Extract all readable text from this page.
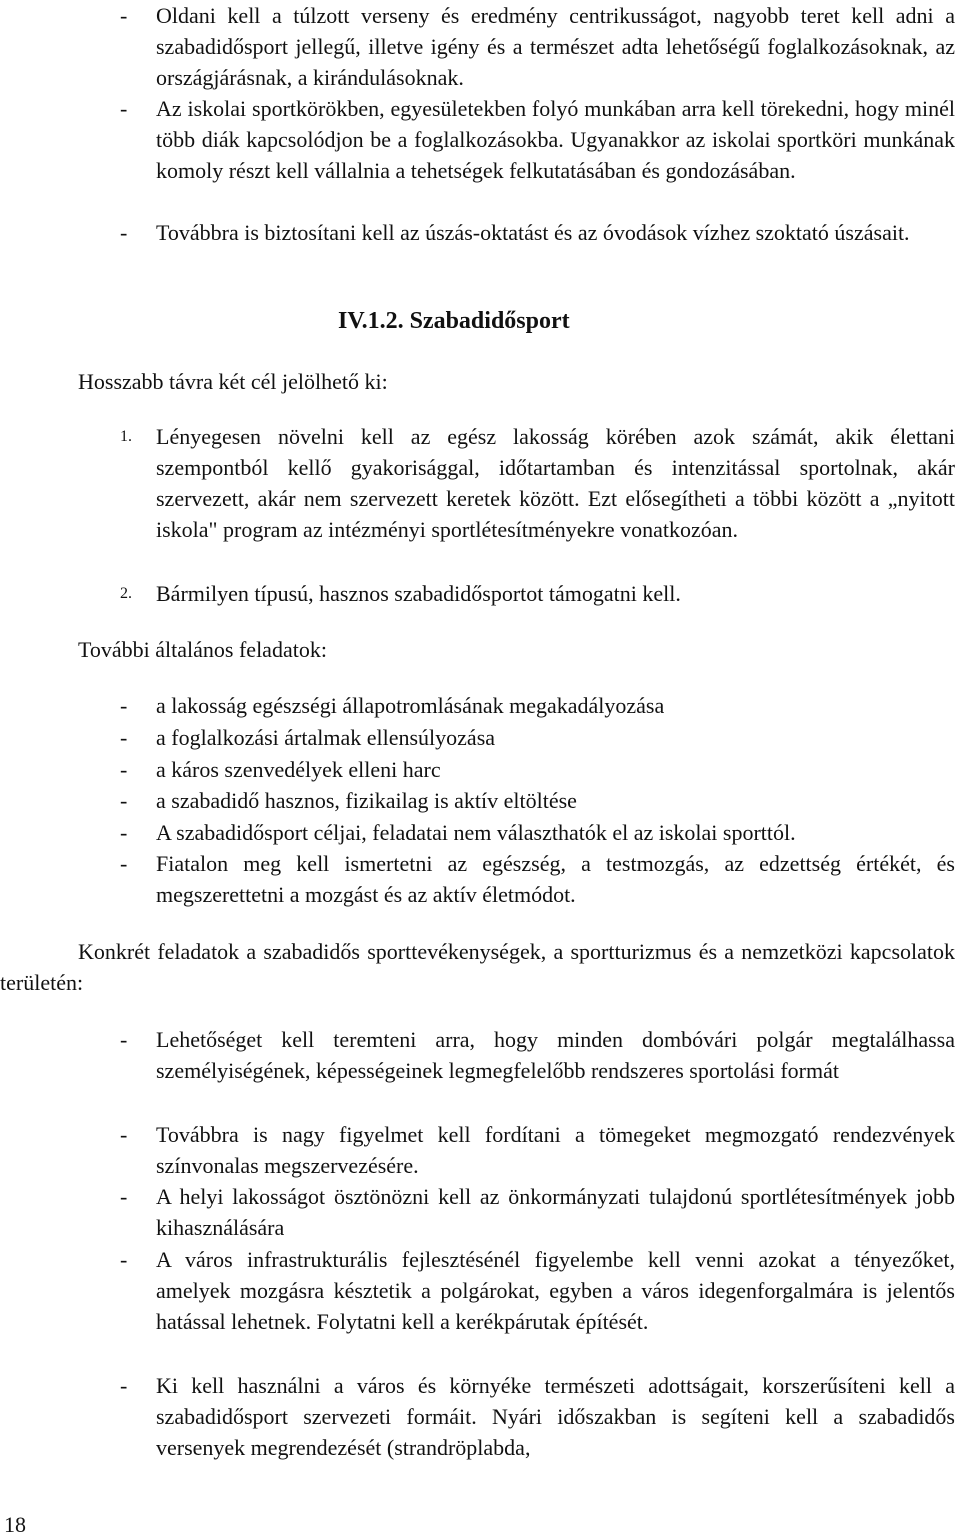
- Oldani kell a túlzott verseny és eredmény centrikusságot, nagyobb teret kell adni a szabadidősport jellegű, illetve igény és a természet adta lehetőségű foglalkozásoknak, az országjárásnak, a kirándulásoknak.
- Az iskolai sportkörökben, egyesületekben folyó munkában arra kell törekedni, hogy minél több diák kapcsolódjon be a foglalkozásokba. Ugyanakkor az iskolai sportköri munkának komoly részt kell vállalnia a tehetségek felkutatásában és gondozásában.
- Továbbra is biztosítani kell az úszás-oktatást és az óvodások vízhez szoktató úszásait.
IV.1.2. Szabadidősport
Hosszabb távra két cél jelölhető ki:
1. Lényegesen növelni kell az egész lakosság körében azok számát, akik élettani szempontból kellő gyakorisággal, időtartamban és intenzitással sportolnak, akár szervezett, akár nem szervezett keretek között. Ezt elősegítheti a többi között a „nyitott iskola" program az intézményi sportlétesítményekre vonatkozóan.
2. Bármilyen típusú, hasznos szabadidősportot támogatni kell.
További általános feladatok:
- a lakosság egészségi állapotromlásának megakadályozása
- a foglalkozási ártalmak ellensúlyozása
- a káros szenvedélyek elleni harc
- a szabadidő hasznos, fizikailag is aktív eltöltése
- A szabadidősport céljai, feladatai nem választhatók el az iskolai sporttól.
- Fiatalon meg kell ismertetni az egészség, a testmozgás, az edzettség értékét, és megszerettetni a mozgást és az aktív életmódot.
Konkrét feladatok a szabadidős sporttevékenységek, a sportturizmus és a nemzetközi kapcsolatok területén:
- Lehetőséget kell teremteni arra, hogy minden dombóvári polgár megtalálhassa személyiségének, képességeinek legmegfelelőbb rendszeres sportolási formát
- Továbbra is nagy figyelmet kell fordítani a tömegeket megmozgató rendezvények színvonalas megszervezésére.
- A helyi lakosságot ösztönözni kell az önkormányzati tulajdonú sportlétesítmények jobb kihasználására
- A város infrastrukturális fejlesztésénél figyelembe kell venni azokat a tényezőket, amelyek mozgásra késztetik a polgárokat, egyben a város idegenforgalmára is jelentős hatással lehetnek. Folytatni kell a kerékpárutak építését.
- Ki kell használni a város és környéke természeti adottságait, korszerűsíteni kell a szabadidősport szervezeti formáit. Nyári időszakban is segíteni kell a szabadidős versenyek megrendezését (strandröplabda,
18
